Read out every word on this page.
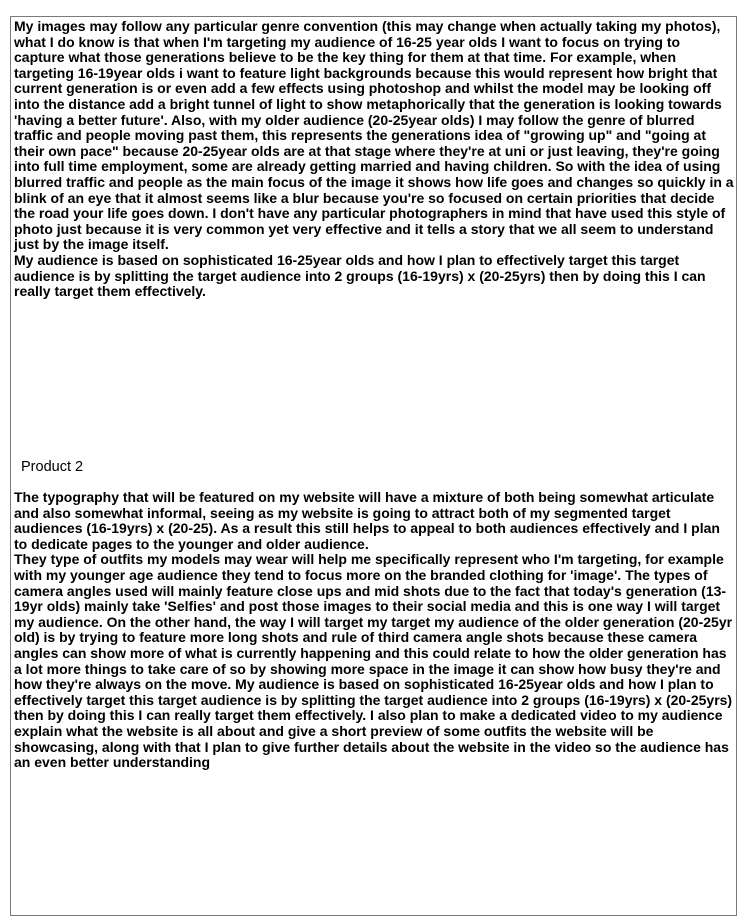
My images may follow any particular genre convention (this may change when actually taking my photos), what I do know is that when I'm targeting my audience of 16-25 year olds I want to focus on trying to capture what those generations believe to be the key thing for them at that time. For example, when targeting 16-19year olds i want to feature light backgrounds because this would represent how bright that current generation is or even add a few effects using photoshop and whilst the model may be looking off into the distance add a bright tunnel of light to show metaphorically that the generation is looking towards 'having a better future'. Also, with my older audience (20-25year olds) I may follow the genre of blurred traffic and people moving past them, this represents the generations idea of "growing up" and "going at their own pace" because 20-25year olds are at that stage where they're at uni or just leaving, they're going into full time employment, some are already getting married and having children. So with the idea of using blurred traffic and people as the main focus of the image it shows how life goes and changes so quickly in a blink of an eye that it almost seems like a blur because you're so focused on certain priorities that decide the road your life goes down. I don't have any particular photographers in mind that have used this style of photo just because it is very common yet very effective and it tells a story that we all seem to understand just by the image itself.

My audience is based on sophisticated 16-25year olds and how I plan to effectively target this target audience is by splitting the target audience into 2 groups (16-19yrs) x (20-25yrs) then by doing this I can really target them effectively.

Product 2

The typography that will be featured on my website will have a mixture of both being somewhat articulate and also somewhat informal, seeing as my website is going to attract both of my segmented target audiences (16-19yrs) x (20-25). As a result this still helps to appeal to both audiences effectively and I plan to dedicate pages to the younger and older audience.

They type of outfits my models may wear will help me specifically represent who I'm targeting, for example with my younger age audience they tend to focus more on the branded clothing for 'image'. The types of camera angles used will mainly feature close ups and mid shots due to the fact that today's generation (13-19yr olds) mainly take 'Selfies' and post those images to their social media and this is one way I will target my audience. On the other hand, the way I will target my target my audience of the older generation (20-25yr old) is by trying to feature more long shots and rule of third camera angle shots because these camera angles can show more of what is currently happening and this could relate to how the older generation has a lot more things to take care of so by showing more space in the image it can show how busy they're and how they're always on the move. My audience is based on sophisticated 16-25year olds and how I plan to effectively target this target audience is by splitting the target audience into 2 groups (16-19yrs) x (20-25yrs) then by doing this I can really target them effectively. I also plan to make a dedicated video to my audience explain what the website is all about and give a short preview of some outfits the website will be showcasing, along with that I plan to give further details about the website in the video so the audience has an even better understanding
